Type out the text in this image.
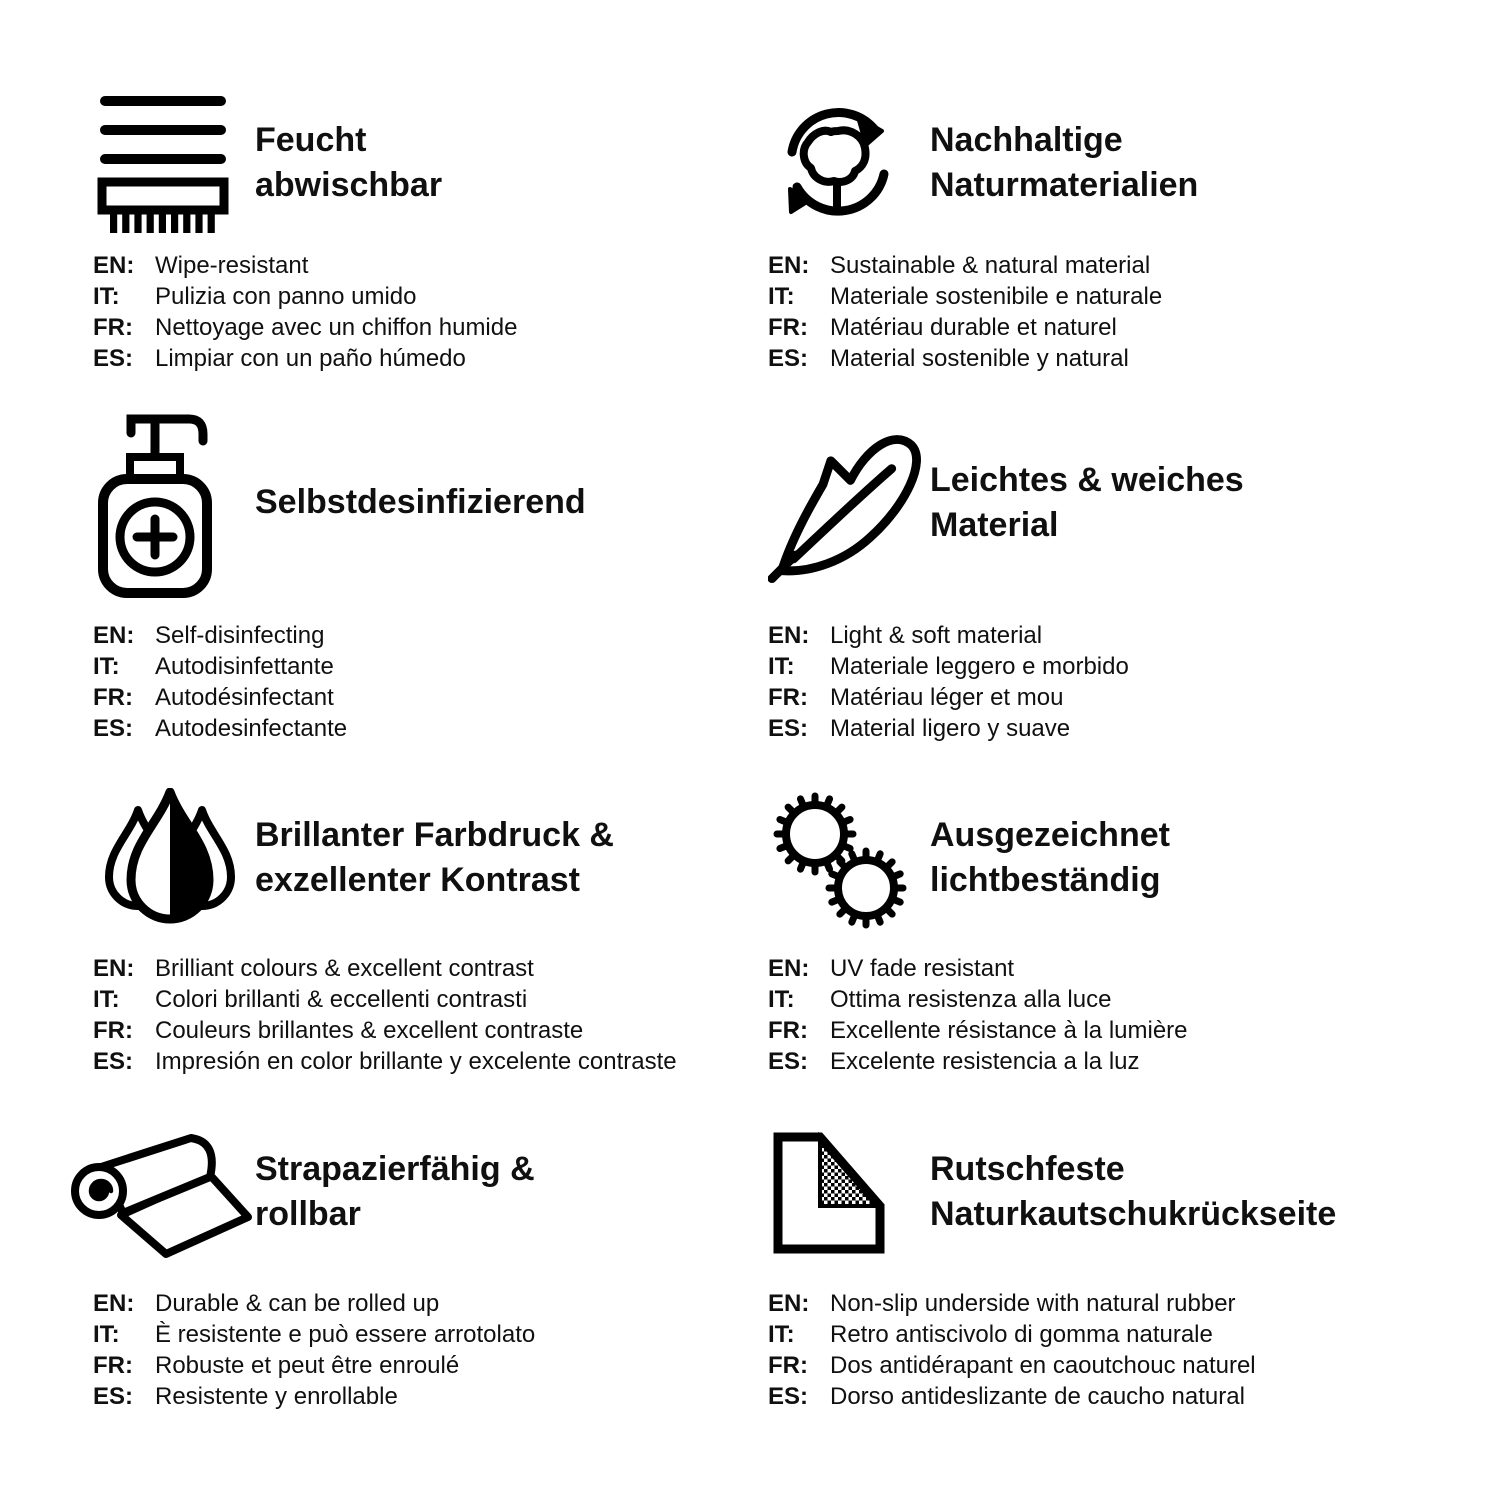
Feucht
abwischbar
EN: Wipe-resistant
IT:	Pulizia con panno umido
FR: Nettoyage avec un chiffon humide
ES: Limpiar con un paño húmedo
Nachhaltige
Naturmaterialien
EN: Sustainable & natural material
IT:	Materiale sostenibile e naturale
FR: Matériau durable et naturel
ES: Material sostenible y natural
Selbstdesinfizierend
EN: Self-disinfecting
IT:	Autodisinfettante
FR: Autodésinfectant
ES: Autodesinfectante
Leichtes & weiches
Material
EN: Light & soft material
IT:	Materiale leggero e morbido
FR: Matériau léger et mou
ES: Material ligero y suave
Brillanter Farbdruck &
exzellenter Kontrast
EN: Brilliant colours & excellent contrast
IT:	Colori brillanti & eccellenti contrasti
FR: Couleurs brillantes & excellent contraste
ES: Impresión en color brillante y excelente contraste
Ausgezeichnet
lichtbeständig
EN: UV fade resistant
IT:	Ottima resistenza alla luce
FR: Excellente résistance à la lumière
ES: Excelente resistencia a la luz
Strapazierfähig &
rollbar
EN: Durable & can be rolled up
IT:	È resistente e può essere arrotolato
FR: Robuste et peut être enroulé
ES: Resistente y enrollable
Rutschfeste
Naturkautschukrückseite
EN: Non-slip underside with natural rubber
IT:	Retro antiscivolo di gomma naturale
FR: Dos antidérapant en caoutchouc naturel
ES: Dorso antideslizante de caucho natural
